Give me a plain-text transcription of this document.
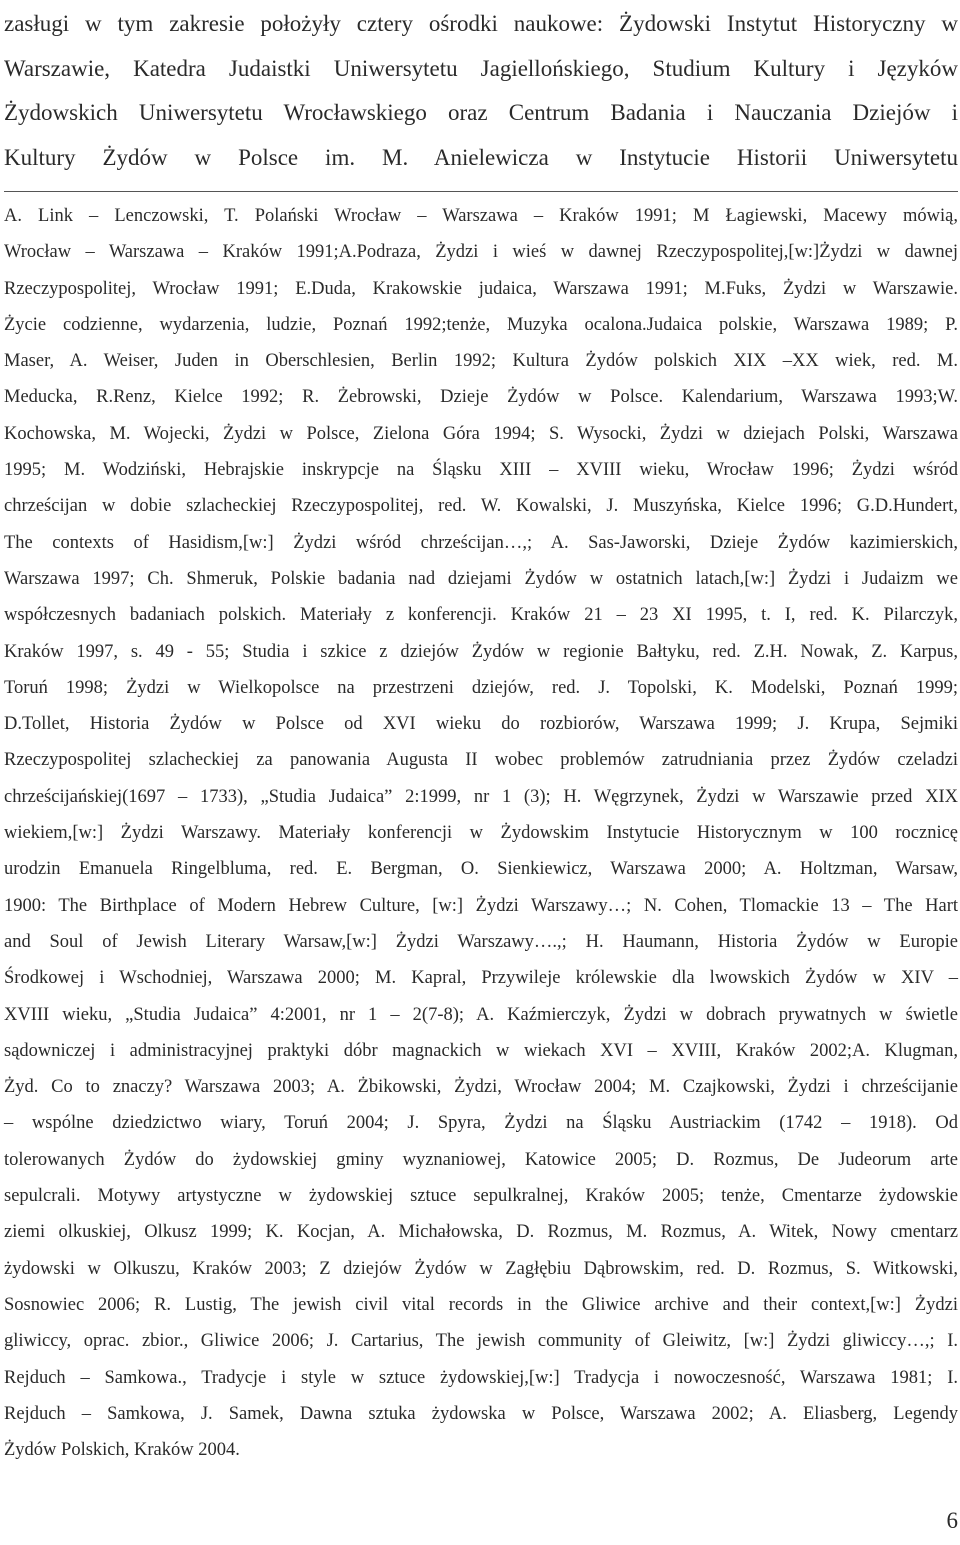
zasługi w tym zakresie położyły cztery ośrodki naukowe: Żydowski Instytut Historyczny w
Warszawie, Katedra Judaistki Uniwersytetu Jagiellońskiego, Studium Kultury i Języków
Żydowskich Uniwersytetu Wrocławskiego oraz Centrum Badania i Nauczania Dziejów i
Kultury Żydów w Polsce im. M. Anielewicza w Instytucie Historii Uniwersytetu
A. Link – Lenczowski, T. Polański Wrocław – Warszawa – Kraków 1991; M Łagiewski, Macewy mówią,
Wrocław – Warszawa – Kraków 1991;A.Podraza, Żydzi i wieś w dawnej Rzeczypospolitej,[w:]Żydzi w dawnej
Rzeczypospolitej, Wrocław 1991; E.Duda, Krakowskie judaica, Warszawa 1991; M.Fuks, Żydzi w Warszawie.
Życie codzienne, wydarzenia, ludzie, Poznań 1992;tenże, Muzyka ocalona.Judaica polskie, Warszawa 1989; P.
Maser, A. Weiser, Juden in Oberschlesien, Berlin 1992; Kultura Żydów polskich XIX –XX wiek, red. M.
Meducka, R.Renz, Kielce 1992; R. Żebrowski, Dzieje Żydów w Polsce. Kalendarium, Warszawa 1993;W.
Kochowska, M. Wojecki, Żydzi w Polsce, Zielona Góra 1994; S. Wysocki, Żydzi w dziejach Polski, Warszawa
1995; M. Wodziński, Hebrajskie inskrypcje na Śląsku XIII – XVIII wieku, Wrocław 1996; Żydzi wśród
chrześcijan w dobie szlacheckiej Rzeczypospolitej, red. W. Kowalski, J. Muszyńska, Kielce 1996; G.D.Hundert,
The contexts of Hasidism,[w:] Żydzi wśród chrześcijan…,; A. Sas-Jaworski, Dzieje Żydów kazimierskich,
Warszawa 1997; Ch. Shmeruk, Polskie badania nad dziejami Żydów w ostatnich latach,[w:] Żydzi i Judaizm we
współczesnych badaniach polskich. Materiały z konferencji. Kraków 21 – 23 XI 1995, t. I, red. K. Pilarczyk,
Kraków 1997, s. 49 - 55; Studia i szkice z dziejów Żydów w regionie Bałtyku, red. Z.H. Nowak, Z. Karpus,
Toruń 1998; Żydzi w Wielkopolsce na przestrzeni dziejów, red. J. Topolski, K. Modelski, Poznań 1999;
D.Tollet, Historia Żydów w Polsce od XVI wieku do rozbiorów, Warszawa 1999; J. Krupa, Sejmiki
Rzeczypospolitej szlacheckiej za panowania Augusta II wobec problemów zatrudniania przez Żydów czeladzi
chrześcijańskiej(1697 – 1733), „Studia Judaica” 2:1999, nr 1 (3); H. Węgrzynek, Żydzi w Warszawie przed XIX
wiekiem,[w:] Żydzi Warszawy. Materiały konferencji w Żydowskim Instytucie Historycznym w 100 rocznicę
urodzin Emanuela Ringelbluma, red. E. Bergman, O. Sienkiewicz, Warszawa 2000; A. Holtzman, Warsaw,
1900: The Birthplace of Modern Hebrew Culture, [w:] Żydzi Warszawy…; N. Cohen, Tlomackie 13 – The Hart
and Soul of Jewish Literary Warsaw,[w:] Żydzi Warszawy….,; H. Haumann, Historia Żydów w Europie
Środkowej i Wschodniej, Warszawa 2000; M. Kapral, Przywileje królewskie dla lwowskich Żydów w XIV –
XVIII wieku, „Studia Judaica” 4:2001, nr 1 – 2(7-8); A. Kaźmierczyk, Żydzi w dobrach prywatnych w świetle
sądowniczej i administracyjnej praktyki dóbr magnackich w wiekach XVI – XVIII, Kraków 2002;A. Klugman,
Żyd. Co to znaczy? Warszawa 2003; A. Żbikowski, Żydzi, Wrocław 2004; M. Czajkowski, Żydzi i chrześcijanie
– wspólne dziedzictwo wiary, Toruń 2004; J. Spyra, Żydzi na Śląsku Austriackim (1742 – 1918). Od
tolerowanych Żydów do żydowskiej gminy wyznaniowej, Katowice 2005; D. Rozmus, De Judeorum arte
sepulcrali. Motywy artystyczne w żydowskiej sztuce sepulkralnej, Kraków 2005; tenże, Cmentarze żydowskie
ziemi olkuskiej, Olkusz 1999; K. Kocjan, A. Michałowska, D. Rozmus, M. Rozmus, A. Witek, Nowy cmentarz
żydowski w Olkuszu, Kraków 2003; Z dziejów Żydów w Zagłębiu Dąbrowskim, red. D. Rozmus, S. Witkowski,
Sosnowiec 2006; R. Lustig, The jewish civil vital records in the Gliwice archive and their context,[w:] Żydzi
gliwiccy, oprac. zbior., Gliwice 2006; J. Cartarius, The jewish community of Gleiwitz, [w:] Żydzi gliwiccy…,; I.
Rejduch – Samkowa., Tradycje i style w sztuce żydowskiej,[w:] Tradycja i nowoczesność, Warszawa 1981; I.
Rejduch – Samkowa, J. Samek, Dawna sztuka żydowska w Polsce, Warszawa 2002; A. Eliasberg, Legendy
Żydów Polskich, Kraków 2004.
6
